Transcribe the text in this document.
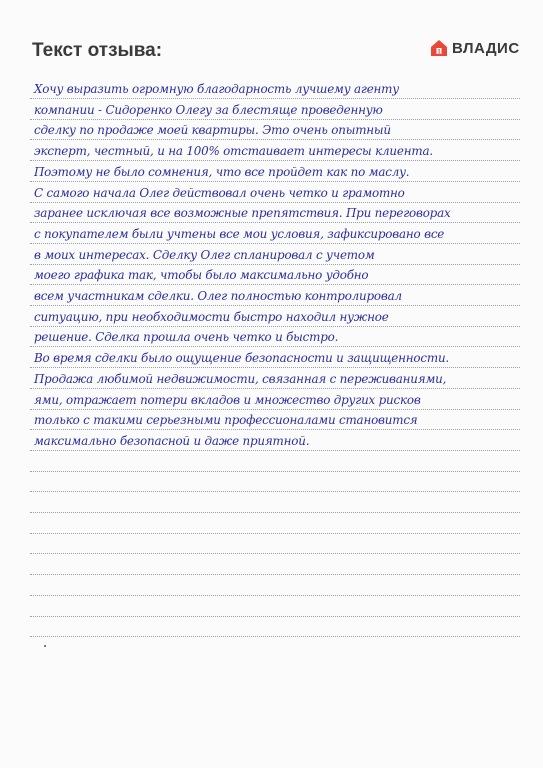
Текст отзыва:	1 ВЛАДИС
Хочу выразить огромную благодарность лучшему агенту
компании - Сидоренко Олегу за блестяще проведенную
сделку по продаже моей квартиры. Это очень опытный
эксперт, честный, и на 100% отстаивает интересы клиента.
Поэтому не было сомнения, что все пройдет как по маслу.
С самого начала Олег действовал очень четко и грамотно
заранее исключая все возможные препятствия. При переговорах
с покупателем были учтены все мои условия, зафиксировано все
в моих интересах. Сделку Олег спланировал с учетом
моего графика так, чтобы было максимально удобно
всем участникам сделки. Олег полностью контролировал
ситуацию, при необходимости быстро находил нужное
решение. Сделка прошла очень четко и быстро.
Во время сделки было ощущение безопасности и защищенности.
Продажа любимой недвижимости, связанная с переживаниями,
ями, отражает потери вкладов и множество других рисков
только с такими серьезными профессионалами становится
максимально безопасной и даже приятной.
